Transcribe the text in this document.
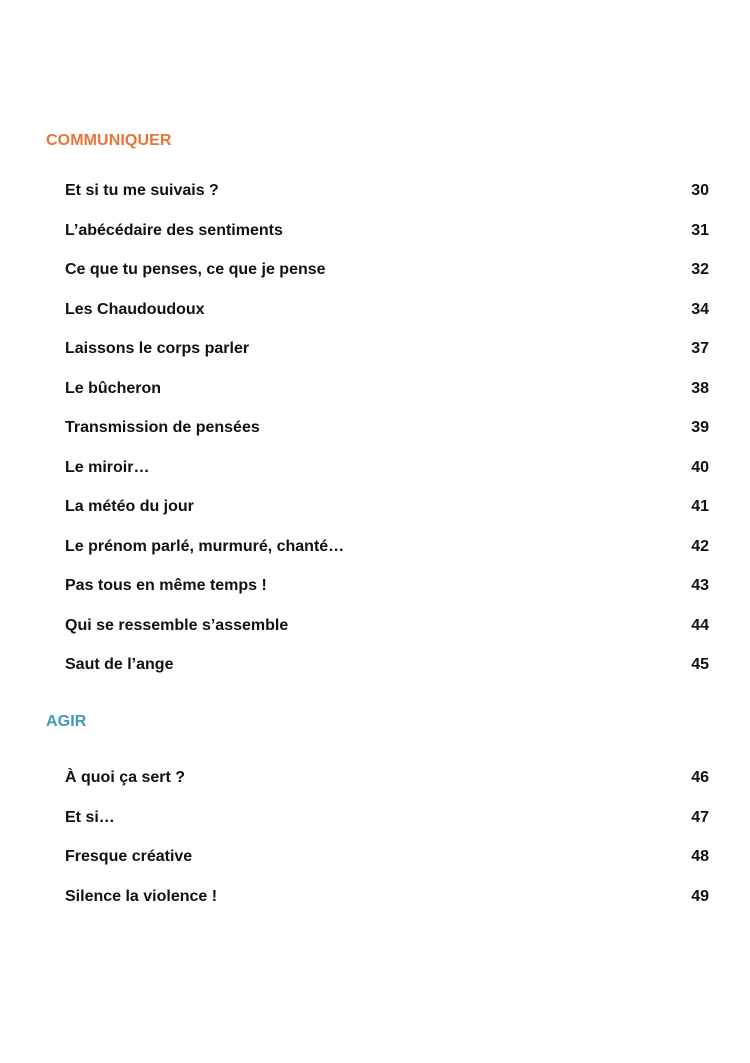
COMMUNIQUER
Et si tu me suivais ?	30
L’abécédaire des sentiments	31
Ce que tu penses, ce que je pense	32
Les Chaudoudoux	34
Laissons le corps parler	37
Le bûcheron	38
Transmission de pensées	39
Le miroir…	40
La météo du jour	41
Le prénom parlé, murmuré, chanté…	42
Pas tous en même temps !	43
Qui se ressemble s’assemble	44
Saut de l’ange	45
AGIR
À quoi ça sert ?	46
Et si…	47
Fresque créative	48
Silence la violence !	49
